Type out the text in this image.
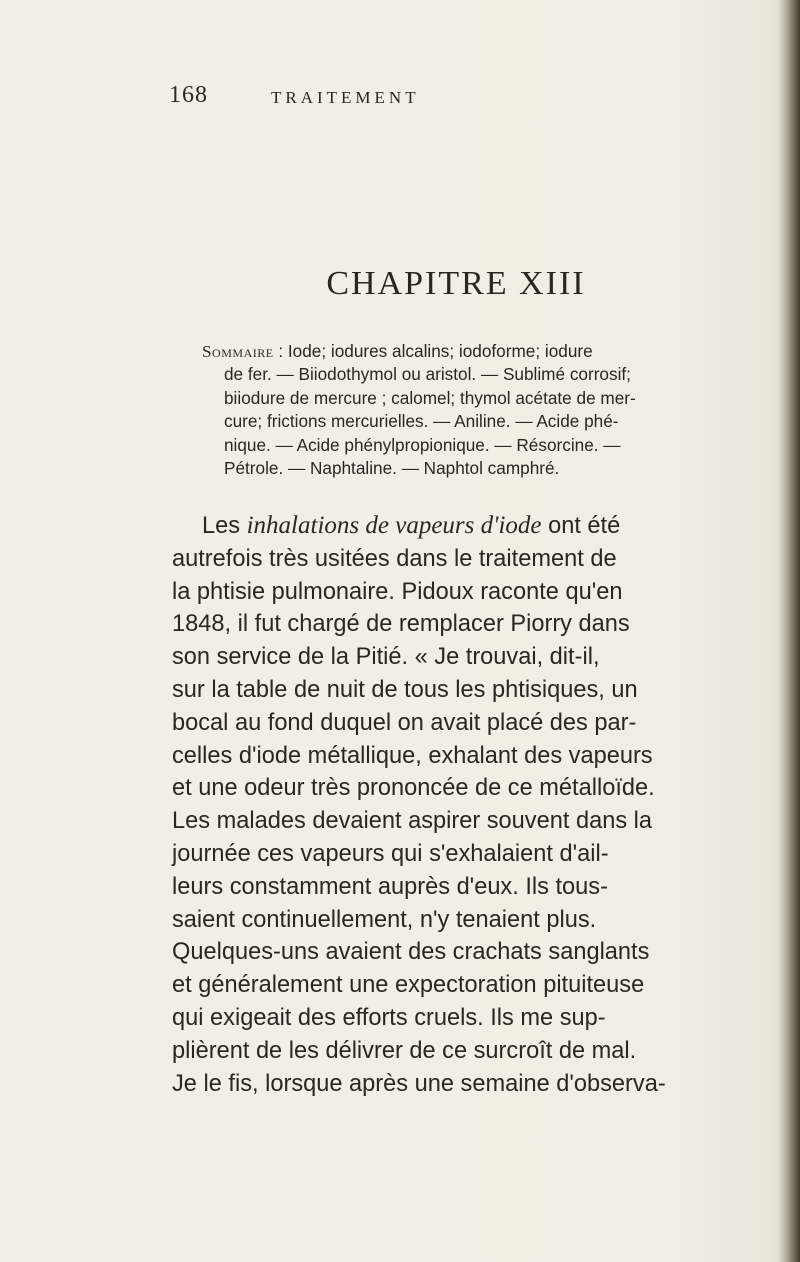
168	TRAITEMENT
CHAPITRE XIII
Sommaire : Iode; iodures alcalins; iodoforme; iodure
de fer. — Biiodothymol ou aristol. — Sublimé corrosif;
biiodure de mercure ; calomel; thymol acétate de mer-
cure; frictions mercurielles. — Aniline. — Acide phé-
nique. — Acide phénylpropionique. — Résorcine. —
Pétrole. — Naphtaline. — Naphtol camphré.
Les inhalations de vapeurs d'iode ont été
autrefois très usitées dans le traitement de
la phtisie pulmonaire. Pidoux raconte qu'en
1848, il fut chargé de remplacer Piorry dans
son service de la Pitié. « Je trouvai, dit-il,
sur la table de nuit de tous les phtisiques, un
bocal au fond duquel on avait placé des par-
celles d'iode métallique, exhalant des vapeurs
et une odeur très prononcée de ce métalloïde.
Les malades devaient aspirer souvent dans la
journée ces vapeurs qui s'exhalaient d'ail-
leurs constamment auprès d'eux. Ils tous-
saient continuellement, n'y tenaient plus.
Quelques-uns avaient des crachats sanglants
et généralement une expectoration pituiteuse
qui exigeait des efforts cruels. Ils me sup-
plièrent de les délivrer de ce surcroît de mal.
Je le fis, lorsque après une semaine d'observa-
